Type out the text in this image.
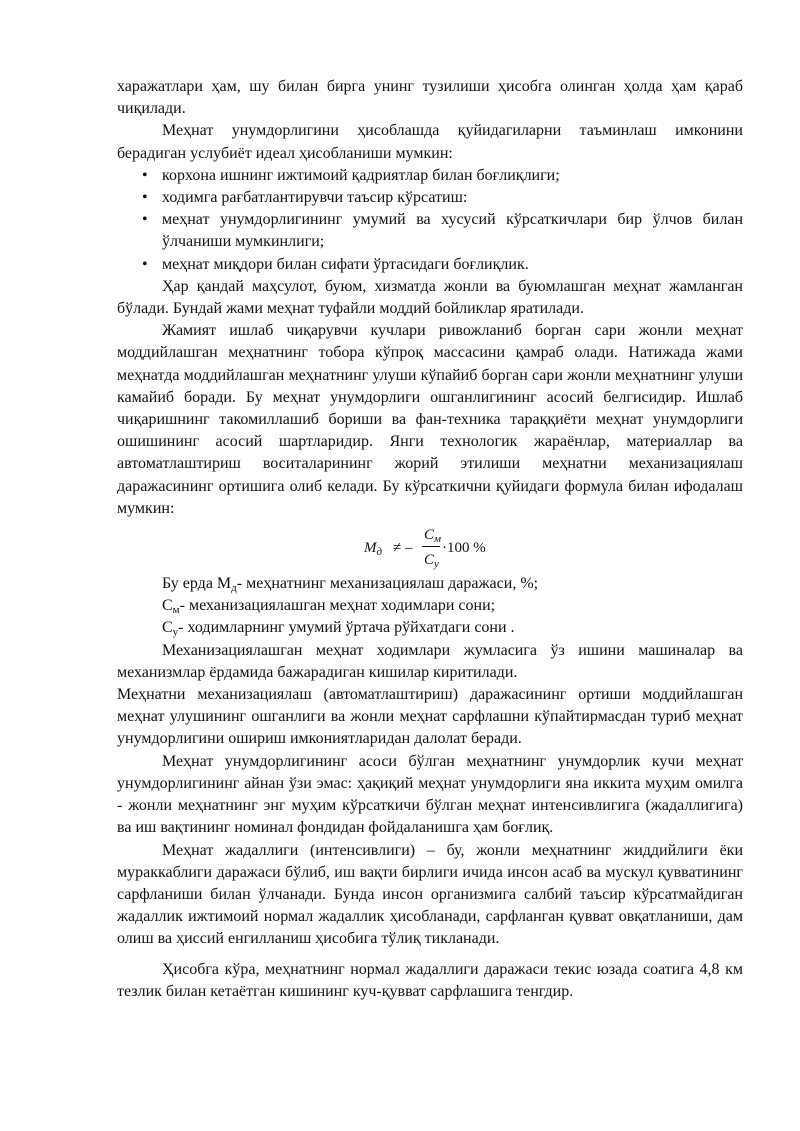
харажатлари ҳам, шу билан бирга унинг тузилиши ҳисобга олинган ҳолда ҳам қараб чиқилади.

Меҳнат унумдорлигини ҳисоблашда қуйидагиларни таъминлаш имконини берадиган услубиёт идеал ҳисобланиши мумкин:

• корхона ишнинг ижтимоий қадриятлар билан боғлиқлиги;
• ходимга рағбатлантирувчи таъсир кўрсатиш:
• меҳнат унумдорлигининг умумий ва хусусий кўрсаткичлари бир ўлчов билан ўлчаниши мумкинлиги;
• меҳнат миқдори билан сифати ўртасидаги боғлиқлик.

Ҳар қандай маҳсулот, буюм, хизматда жонли ва буюмлашган меҳнат жамланган бўлади. Бундай жами меҳнат туфайли моддий бойликлар яратилади.

Жамият ишлаб чиқарувчи кучлари ривожланиб борган сари жонли меҳнат моддийлашган меҳнатнинг тобора кўпроқ массасини қамраб олади. Натижада жами меҳнатда моддийлашган меҳнатнинг улуши кўпайиб борган сари жонли меҳнатнинг улуши камайиб боради. Бу меҳнат унумдорлиги ошганлигининг асосий белгисидир. Ишлаб чиқаришнинг такомиллашиб бориши ва фан-техника тараққиёти меҳнат унумдорлиги ошишининг асосий шартларидир. Янги технологик жараёнлар, материаллар ва автоматлаштириш воситаларининг жорий этилиши меҳнатни механизациялаш даражасининг ортишига олиб келади. Бу кўрсаткични қуйидаги формула билан ифодалаш мумкин:

$М_д$ ≠ –
$С_м$
$С_у$
·100 %

Бу ерда $М_д-$ меҳнатнинг механизациялаш даражаси, %;

$С_м-$ механизациялашган меҳнат ходимлари сони;

$С_у-$ ходимларнинг умумий ўртача рўйхатдаги сони .

Механизациялашган меҳнат ходимлари жумласига ўз ишини машиналар ва механизмлар ёрдамида бажарадиган кишилар киритилади.

Меҳнатни механизациялаш (автоматлаштириш) даражасининг ортиши моддийлашган меҳнат улушининг ошганлиги ва жонли меҳнат сарфлашни кўпайтирмасдан туриб меҳнат унумдорлигини ошириш имкониятларидан далолат беради.

Меҳнат унумдорлигининг асоси бўлган меҳнатнинг унумдорлик кучи меҳнат унумдорлигининг айнан ўзи эмас: ҳақиқий меҳнат унумдорлиги яна иккита муҳим омилга - жонли меҳнатнинг энг муҳим кўрсаткичи бўлган меҳнат интенсивлигига (жадаллигига) ва иш вақтининг номинал фондидан фойдаланишга ҳам боғлиқ.

Меҳнат жадаллиги (интенсивлиги) – бу, жонли меҳнатнинг жиддийлиги ёки мураккаблиги даражаси бўлиб, иш вақти бирлиги ичида инсон асаб ва мускул қувватининг сарфланиши билан ўлчанади. Бунда инсон организмига салбий таъсир кўрсатмайдиган жадаллик ижтимоий нормал жадаллик ҳисобланади, сарфланган қувват овқатланиши, дам олиш ва ҳиссий енгилланиш ҳисобига тўлиқ тикланади.

Ҳисобга кўра, меҳнатнинг нормал жадаллиги даражаси текис юзада соатига 4,8 км тезлик билан кетаётган кишининг куч-қувват сарфлашига тенгдир.
